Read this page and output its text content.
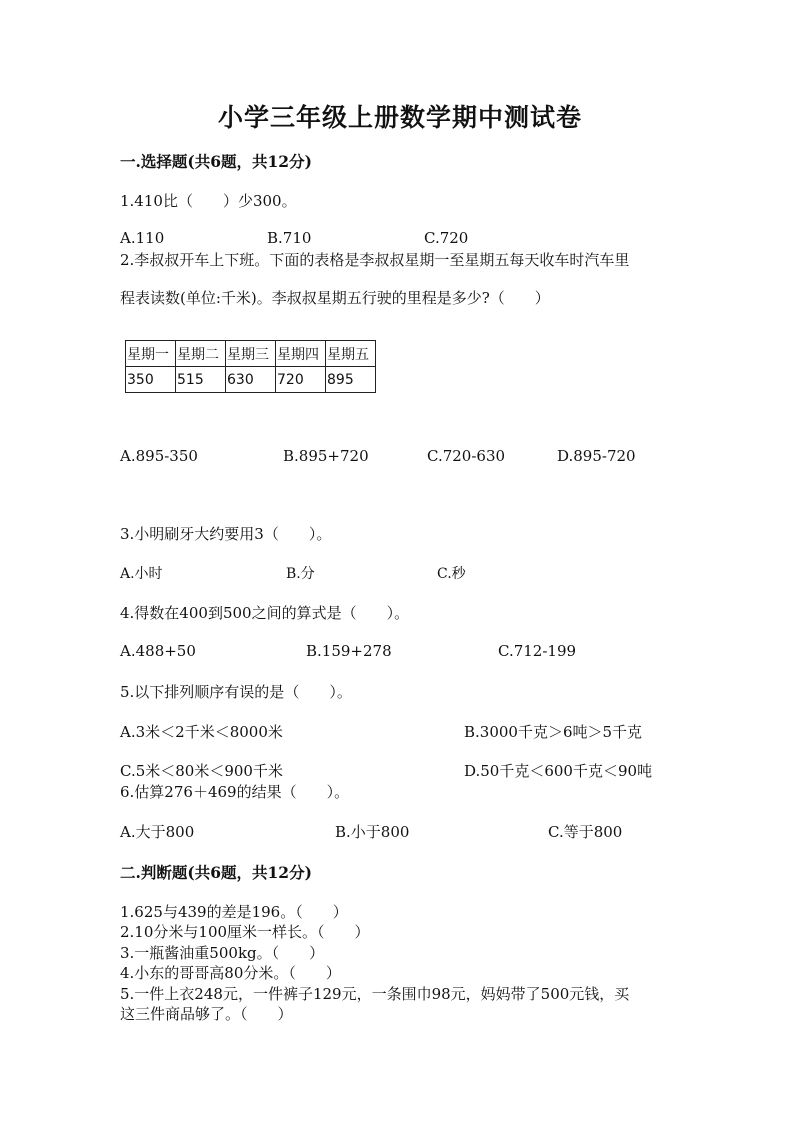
小学三年级上册数学期中测试卷
一.选择题(共6题，共12分)
1.410比（　　）少300。
A.110	B.710	C.720
2.李叔叔开车上下班。下面的表格是李叔叔星期一至星期五每天收车时汽车里
程表读数(单位:千米)。李叔叔星期五行驶的里程是多少?（　　）
星期一	星期二	星期三	星期四	星期五
350	515	630	720	895
A.895-350	B.895+720	C.720-630	D.895-720
3.小明刷牙大约要用3（　　）。
A.小时	B.分	C.秒
4.得数在400到500之间的算式是（　　）。
A.488+50	B.159+278	C.712-199
5.以下排列顺序有误的是（　　）。
A.3米＜2千米＜8000米	B.3000千克＞6吨＞5千克
C.5米＜80米＜900千米	D.50千克＜600千克＜90吨
6.估算276＋469的结果（　　）。
A.大于800	B.小于800	C.等于800
二.判断题(共6题，共12分)
1.625与439的差是196。（　　）
2.10分米与100厘米一样长。（　　）
3.一瓶酱油重500kg。（　　）
4.小东的哥哥高80分米。（　　）
5.一件上衣248元，一件裤子129元，一条围巾98元，妈妈带了500元钱，买
这三件商品够了。（　　）
